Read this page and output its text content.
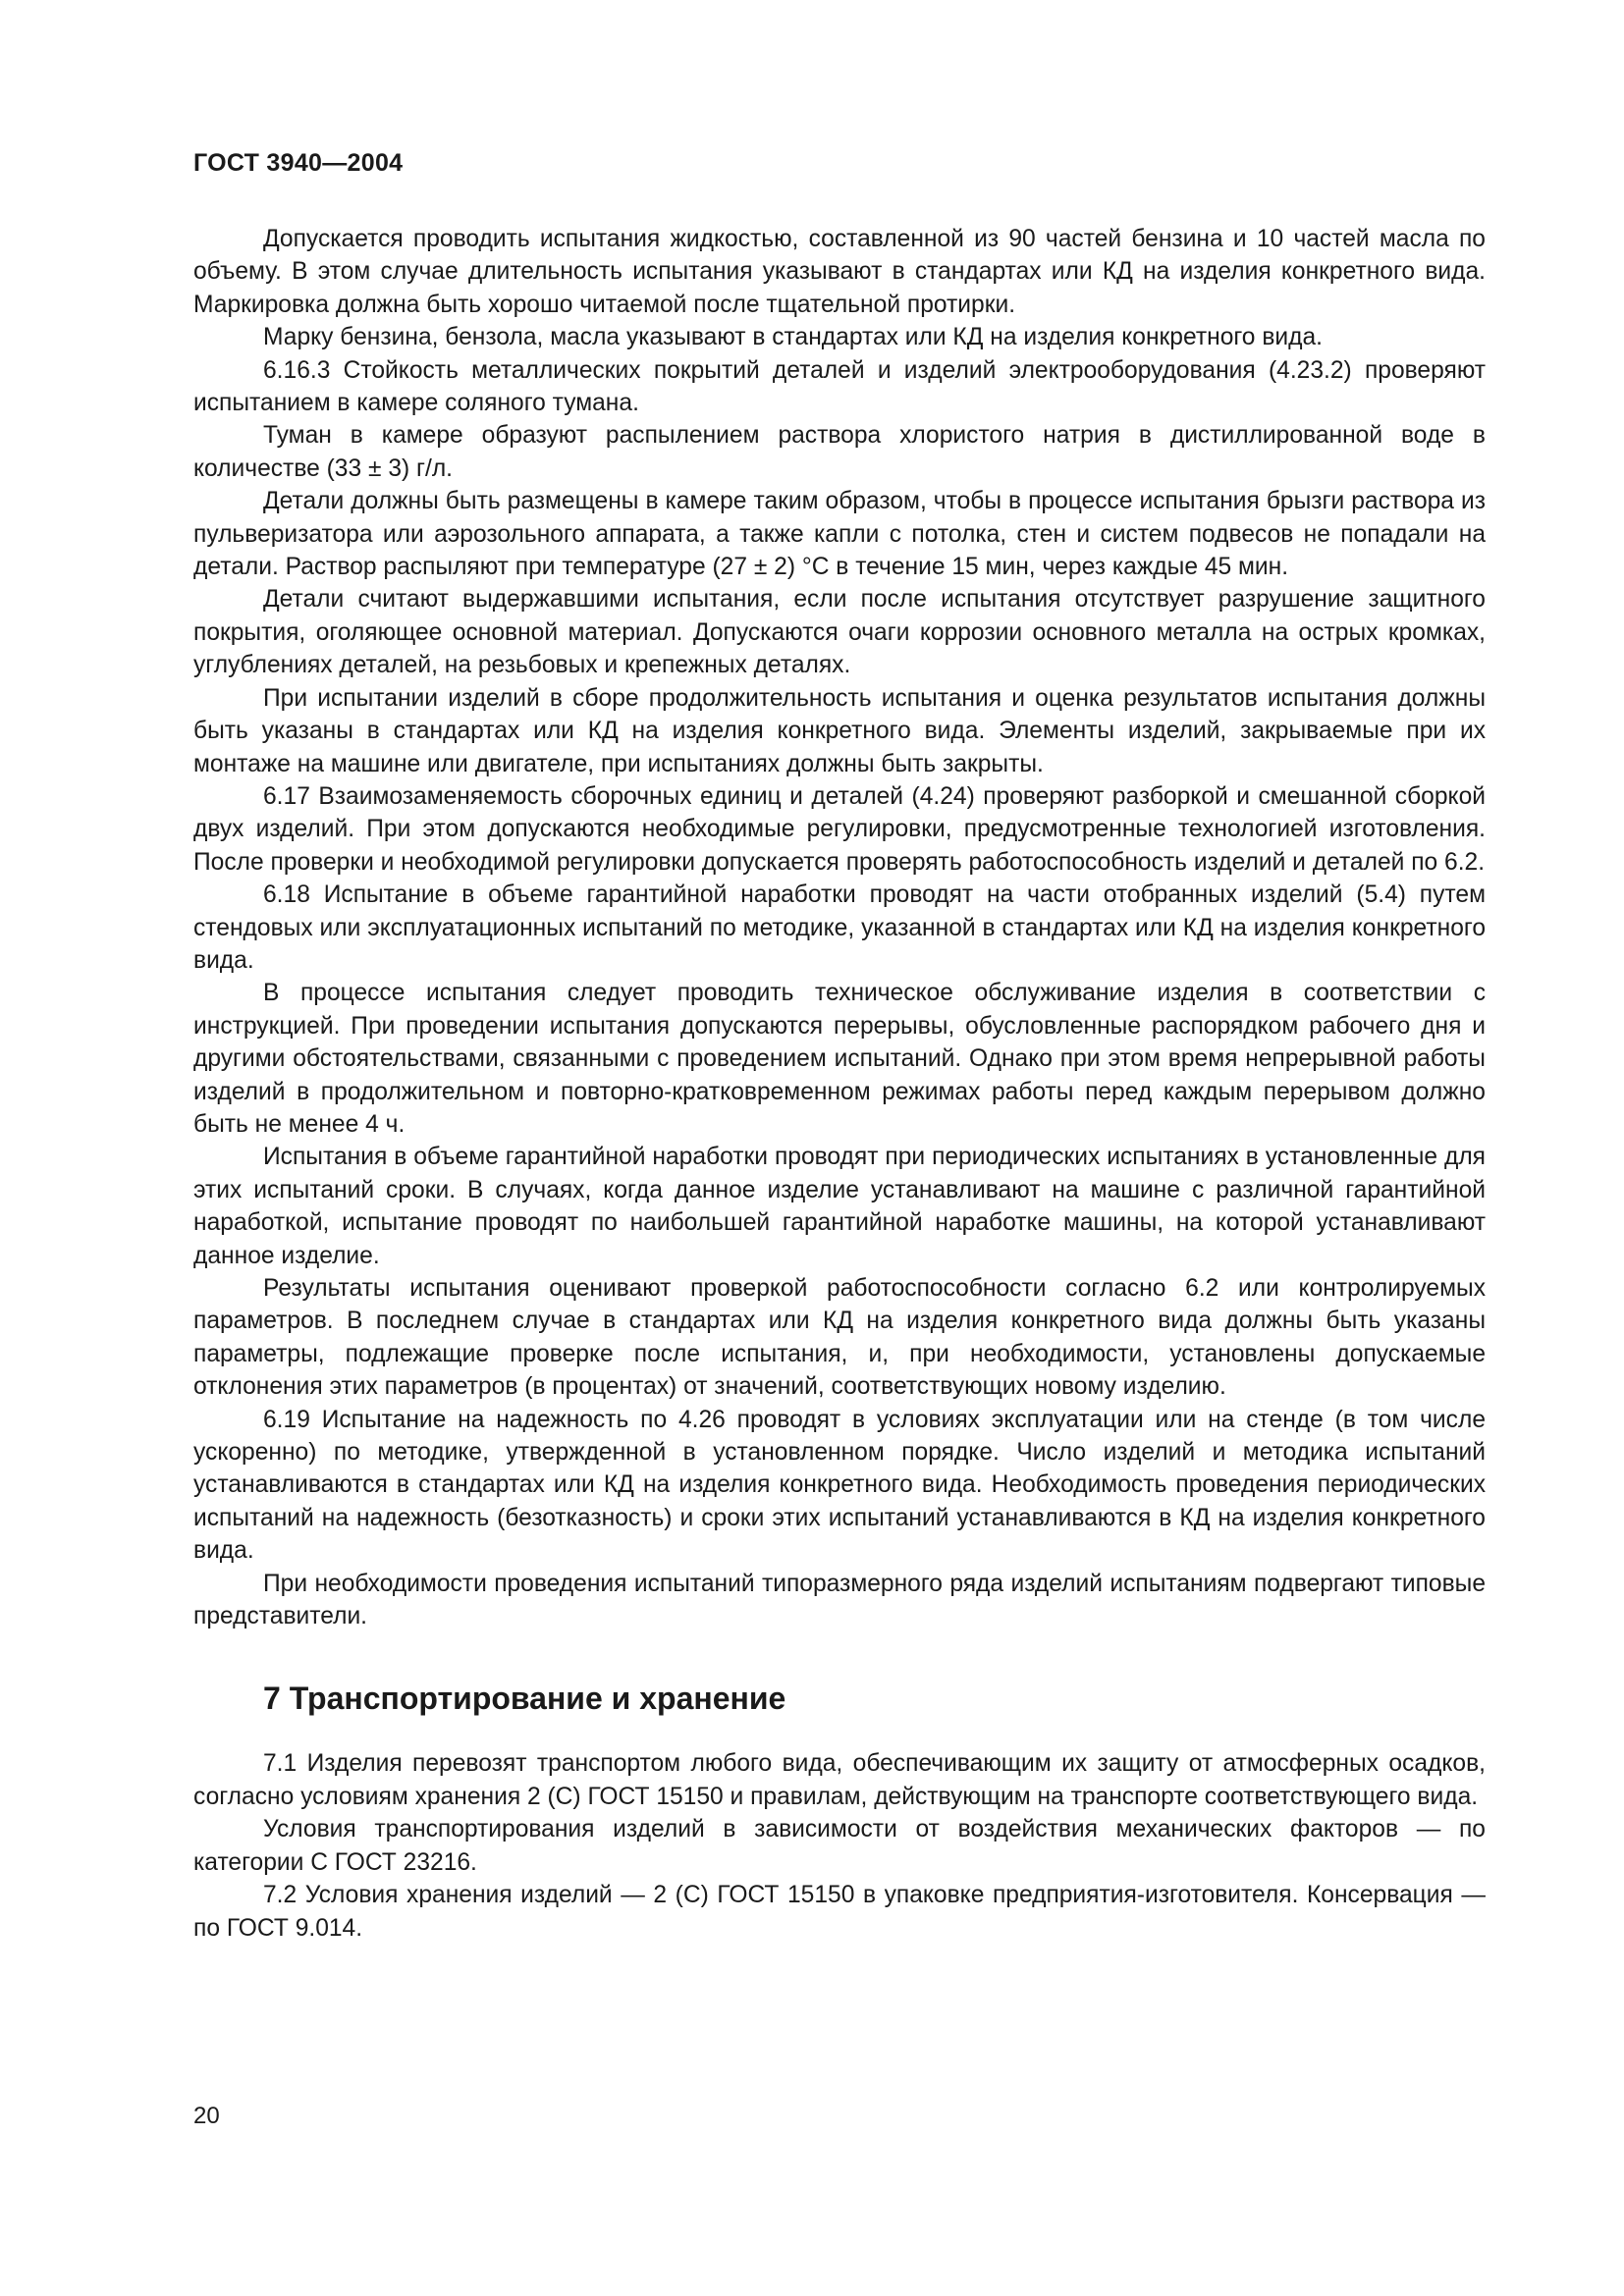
ГОСТ 3940—2004

Допускается проводить испытания жидкостью, составленной из 90 частей бензина и 10 частей масла по объему. В этом случае длительность испытания указывают в стандартах или КД на изделия конкретного вида. Маркировка должна быть хорошо читаемой после тщательной протирки.

Марку бензина, бензола, масла указывают в стандартах или КД на изделия конкретного вида.

6.16.3 Стойкость металлических покрытий деталей и изделий электрооборудования (4.23.2) проверяют испытанием в камере соляного тумана.

Туман в камере образуют распылением раствора хлористого натрия в дистиллированной воде в количестве (33 ± 3) г/л.

Детали должны быть размещены в камере таким образом, чтобы в процессе испытания брызги раствора из пульверизатора или аэрозольного аппарата, а также капли с потолка, стен и систем подвесов не попадали на детали. Раствор распыляют при температуре (27 ± 2) °С в течение 15 мин, через каждые 45 мин.

Детали считают выдержавшими испытания, если после испытания отсутствует разрушение защитного покрытия, оголяющее основной материал. Допускаются очаги коррозии основного металла на острых кромках, углублениях деталей, на резьбовых и крепежных деталях.

При испытании изделий в сборе продолжительность испытания и оценка результатов испытания должны быть указаны в стандартах или КД на изделия конкретного вида. Элементы изделий, закрываемые при их монтаже на машине или двигателе, при испытаниях должны быть закрыты.

6.17 Взаимозаменяемость сборочных единиц и деталей (4.24) проверяют разборкой и смешанной сборкой двух изделий. При этом допускаются необходимые регулировки, предусмотренные технологией изготовления. После проверки и необходимой регулировки допускается проверять работоспособность изделий и деталей по 6.2.

6.18 Испытание в объеме гарантийной наработки проводят на части отобранных изделий (5.4) путем стендовых или эксплуатационных испытаний по методике, указанной в стандартах или КД на изделия конкретного вида.

В процессе испытания следует проводить техническое обслуживание изделия в соответствии с инструкцией. При проведении испытания допускаются перерывы, обусловленные распорядком рабочего дня и другими обстоятельствами, связанными с проведением испытаний. Однако при этом время непрерывной работы изделий в продолжительном и повторно-кратковременном режимах работы перед каждым перерывом должно быть не менее 4 ч.

Испытания в объеме гарантийной наработки проводят при периодических испытаниях в установленные для этих испытаний сроки. В случаях, когда данное изделие устанавливают на машине с различной гарантийной наработкой, испытание проводят по наибольшей гарантийной наработке машины, на которой устанавливают данное изделие.

Результаты испытания оценивают проверкой работоспособности согласно 6.2 или контролируемых параметров. В последнем случае в стандартах или КД на изделия конкретного вида должны быть указаны параметры, подлежащие проверке после испытания, и, при необходимости, установлены допускаемые отклонения этих параметров (в процентах) от значений, соответствующих новому изделию.

6.19 Испытание на надежность по 4.26 проводят в условиях эксплуатации или на стенде (в том числе ускоренно) по методике, утвержденной в установленном порядке. Число изделий и методика испытаний устанавливаются в стандартах или КД на изделия конкретного вида. Необходимость проведения периодических испытаний на надежность (безотказность) и сроки этих испытаний устанавливаются в КД на изделия конкретного вида.

При необходимости проведения испытаний типоразмерного ряда изделий испытаниям подвергают типовые представители.

7 Транспортирование и хранение

7.1 Изделия перевозят транспортом любого вида, обеспечивающим их защиту от атмосферных осадков, согласно условиям хранения 2 (С) ГОСТ 15150 и правилам, действующим на транспорте соответствующего вида.

Условия транспортирования изделий в зависимости от воздействия механических факторов — по категории С ГОСТ 23216.

7.2 Условия хранения изделий — 2 (С) ГОСТ 15150 в упаковке предприятия-изготовителя. Консервация — по ГОСТ 9.014.

20
